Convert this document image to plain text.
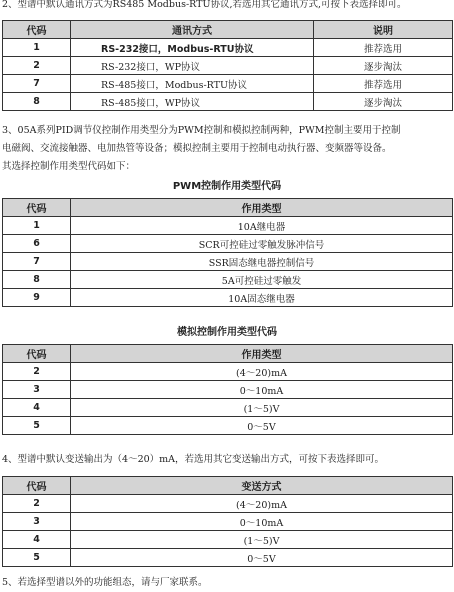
2、型谱中默认通讯方式为RS485 Modbus-RTU协议,若选用其它通讯方式,可按下表选择即可。
代码	通讯方式	说明
1	RS-232接口，Modbus-RTU协议	推荐选用
2	RS-232接口，WP协议	逐步淘汰
7	RS-485接口，Modbus-RTU协议	推荐选用
8	RS-485接口，WP协议	逐步淘汰
3、05A系列PID调节仪控制作用类型分为PWM控制和模拟控制两种，PWM控制主要用于控制
电磁阀、交流接触器、电加热管等设备；模拟控制主要用于控制电动执行器、变频器等设备。
其选择控制作用类型代码如下：
PWM控制作用类型代码
代码	作用类型
1	10A继电器
6	SCR可控硅过零触发脉冲信号
7	SSR固态继电器控制信号
8	5A可控硅过零触发
9	10A固态继电器
模拟控制作用类型代码
代码	作用类型
2	(4～20)mA
3	0～10mA
4	(1～5)V
5	0～5V
4、型谱中默认变送输出为（4～20）mA，若选用其它变送输出方式，可按下表选择即可。
代码	变送方式
2	(4～20)mA
3	0～10mA
4	(1～5)V
5	0～5V
5、若选择型谱以外的功能组态，请与厂家联系。
